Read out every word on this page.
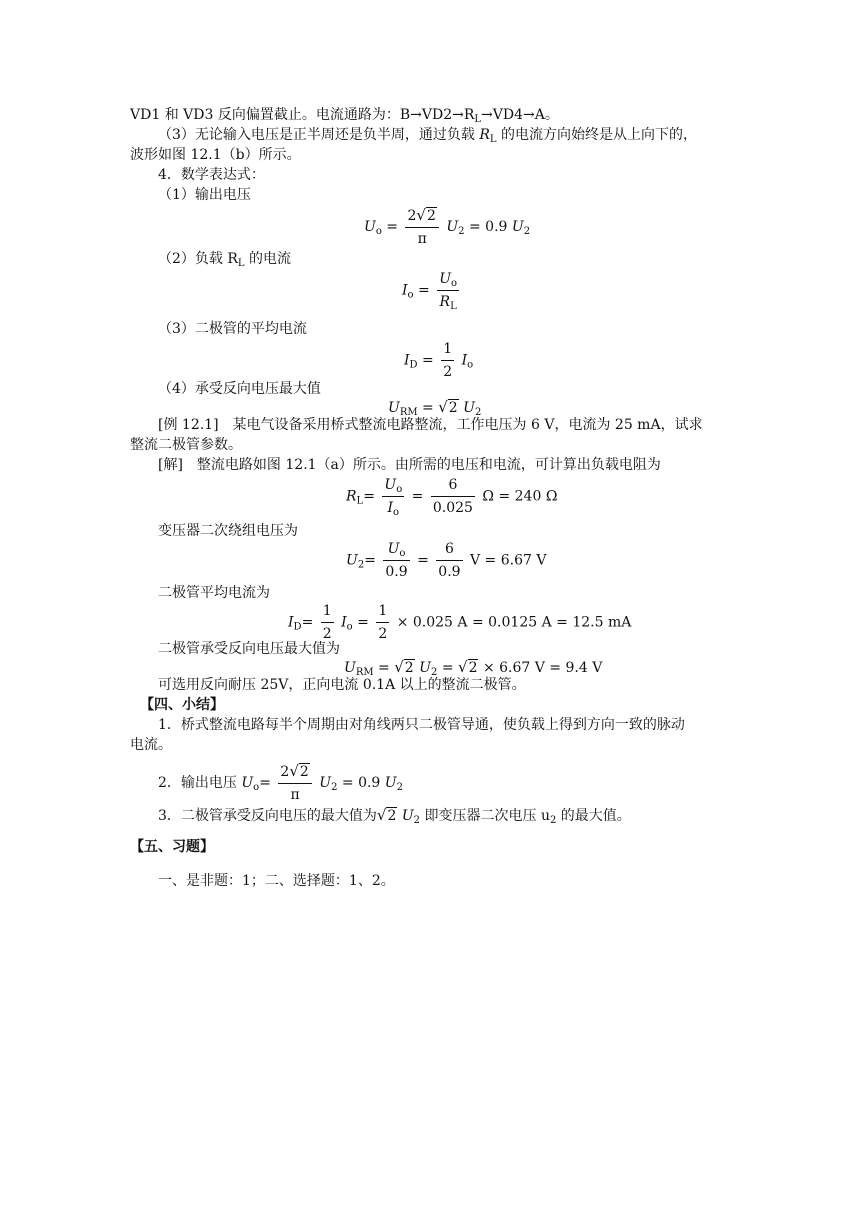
VD1 和 VD3 反向偏置截止。电流通路为：$B\to VD2\to R_L\to VD4\to A$。
（3）无论输入电压是正半周还是负半周，通过负载 $R_L$ 的电流方向始终是从上向下的，
波形如图 12.1（b）所示。
4．数学表达式：
（1）输出电压
$U_o = \frac{2√2}{\pi} U_2 = 0.9$ $U_2$
（2）负载 $R_L$ 的电流
$I_o = \frac{U_o}{R_L}$
（3）二极管的平均电流
$I_D = \frac{1}{2} I_o$
（4）承受反向电压最大值
$U_{RM} = √2$ $U_2$
[例 12.1]　某电气设备采用桥式整流电路整流，工作电压为 6 V，电流为 25 mA，试求
整流二极管参数。
[解]　整流电路如图 12.1（a）所示。由所需的电压和电流，可计算出负载电阻为
$R_L= \frac{U_o}{I_o} = \frac{6}{0.025}$ Ω = 240 Ω
变压器二次绕组电压为
$U_2= \frac{U_o}{0.9} = \frac{6}{0.9}$ V = 6.67 V
二极管平均电流为
$I_D= \frac{1}{2} I_o = \frac{1}{2} \times 0.025$ A = 0.0125 A = 12.5 mA
二极管承受反向电压最大值为
$U_{RM} = √2$ $U_2 = √2 \times 6.67$ V = 9.4 V
可选用反向耐压 25V，正向电流 0.1A 以上的整流二极管。
【四、小结】
1．桥式整流电路每半个周期由对角线两只二极管导通，使负载上得到方向一致的脉动
电流。
2．输出电压 $U_o= \frac{2√2}{\pi} U_2 = 0.9$ $U_2$
3．二极管承受反向电压的最大值为√2 $U_2$ 即变压器二次电压 $u_2$ 的最大值。
【五、习题】
一、是非题：1；二、选择题：1、2。
